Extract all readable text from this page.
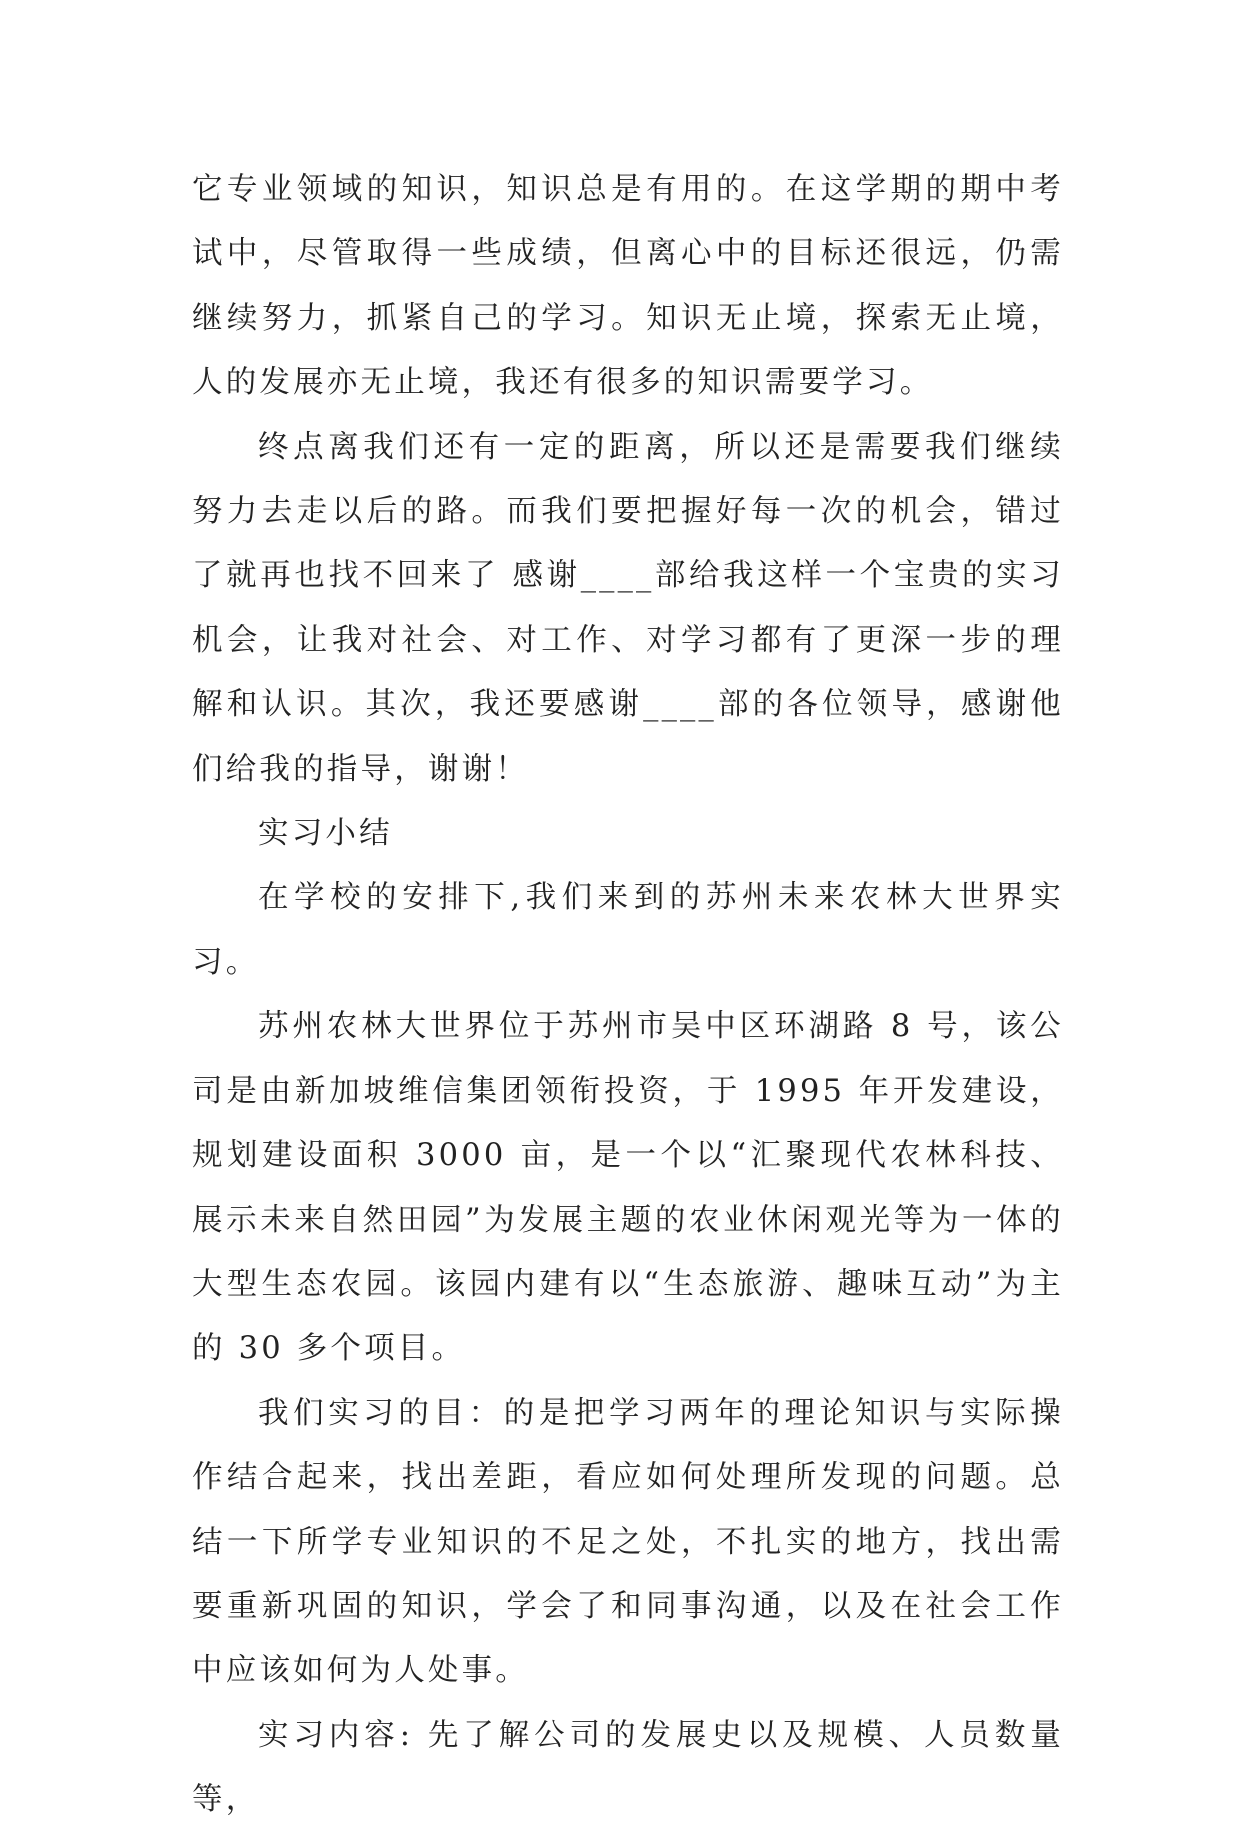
它专业领域的知识，知识总是有用的。在这学期的期中考试中，尽管取得一些成绩，但离心中的目标还很远，仍需继续努力，抓紧自己的学习。知识无止境，探索无止境，人的发展亦无止境，我还有很多的知识需要学习。

终点离我们还有一定的距离，所以还是需要我们继续努力去走以后的路。而我们要把握好每一次的机会，错过了就再也找不回来了 感谢____部给我这样一个宝贵的实习机会，让我对社会、对工作、对学习都有了更深一步的理解和认识。其次，我还要感谢____部的各位领导，感谢他们给我的指导，谢谢！

实习小结

在学校的安排下,我们来到的苏州未来农林大世界实习。

苏州农林大世界位于苏州市吴中区环湖路 8 号，该公司是由新加坡维信集团领衔投资，于 1995 年开发建设，规划建设面积 3000 亩，是一个以“汇聚现代农林科技、展示未来自然田园”为发展主题的农业休闲观光等为一体的大型生态农园。该园内建有以“生态旅游、趣味互动”为主的 30 多个项目。

我们实习的目：的是把学习两年的理论知识与实际操作结合起来，找出差距，看应如何处理所发现的问题。总结一下所学专业知识的不足之处，不扎实的地方，找出需要重新巩固的知识，学会了和同事沟通，以及在社会工作中应该如何为人处事。

实习内容: 先了解公司的发展史以及规模、人员数量等，
